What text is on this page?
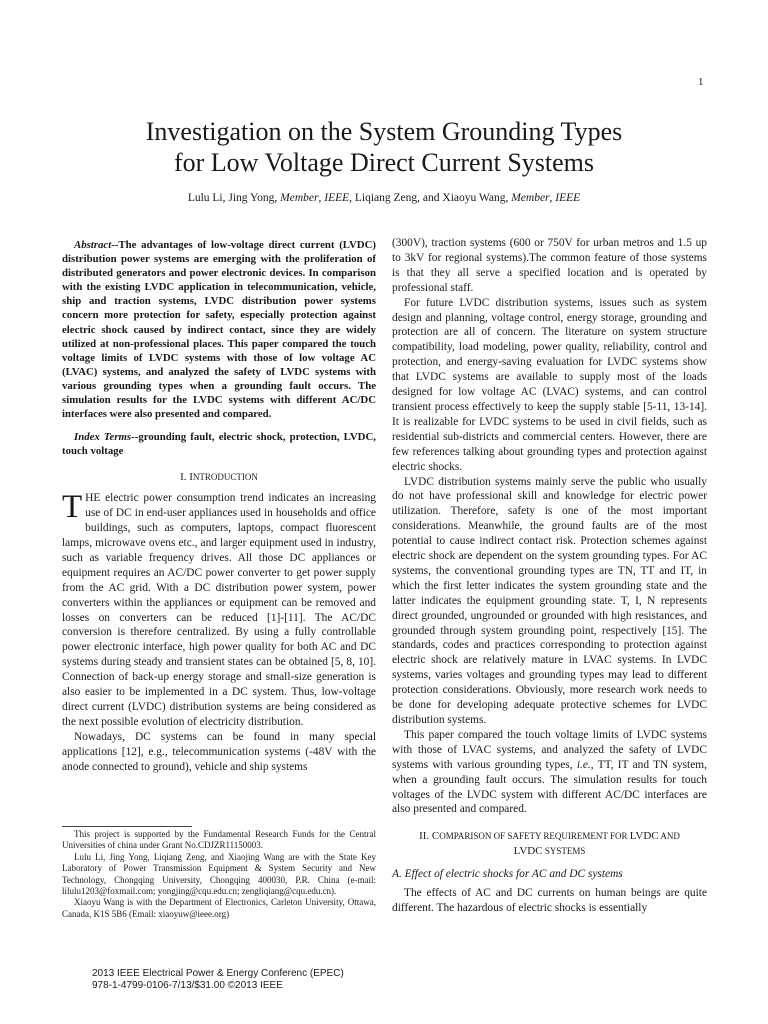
1
Investigation on the System Grounding Types
for Low Voltage Direct Current Systems
Lulu Li, Jing Yong, Member, IEEE, Liqiang Zeng, and Xiaoyu Wang, Member, IEEE

Abstract--The advantages of low-voltage direct current (LVDC) distribution power systems are emerging with the proliferation of distributed generators and power electronic devices. In comparison with the existing LVDC application in telecommunication, vehicle, ship and traction systems, LVDC distribution power systems concern more protection for safety, especially protection against electric shock caused by indirect contact, since they are widely utilized at non-professional places. This paper compared the touch voltage limits of LVDC systems with those of low voltage AC (LVAC) systems, and analyzed the safety of LVDC systems with various grounding types when a grounding fault occurs. The simulation results for the LVDC systems with different AC/DC interfaces were also presented and compared.

Index Terms--grounding fault, electric shock, protection, LVDC, touch voltage

I. INTRODUCTION

THE electric power consumption trend indicates an increasing use of DC in end-user appliances used in households and office buildings, such as computers, laptops, compact fluorescent lamps, microwave ovens etc., and larger equipment used in industry, such as variable frequency drives. All those DC appliances or equipment requires an AC/DC power converter to get power supply from the AC grid. With a DC distribution power system, power converters within the appliances or equipment can be removed and losses on converters can be reduced [1]-[11]. The AC/DC conversion is therefore centralized. By using a fully controllable power electronic interface, high power quality for both AC and DC systems during steady and transient states can be obtained [5, 8, 10]. Connection of back-up energy storage and small-size generation is also easier to be implemented in a DC system. Thus, low-voltage direct current (LVDC) distribution systems are being considered as the next possible evolution of electricity distribution.

Nowadays, DC systems can be found in many special applications [12], e.g., telecommunication systems (-48V with the anode connected to ground), vehicle and ship systems

This project is supported by the Fundamental Research Funds for the Central Universities of china under Grant No.CDJZR11150003.

Lulu Li, Jing Yong, Liqiang Zeng, and Xiaojing Wang are with the State Key Laboratory of Power Transmission Equipment & System Security and New Technology, Chongqing University, Chongqing 400030, P.R. China (e-mail: lilulu1203@foxmail.com; yongjing@cqu.edu.cn; zengliqiang@cqu.edu.cn).

Xiaoyu Wang is with the Department of Electronics, Carleton University, Ottawa, Canada, K1S 5B6 (Email: xiaoyuw@ieee.org)

(300V), traction systems (600 or 750V for urban metros and 1.5 up to 3kV for regional systems).The common feature of those systems is that they all serve a specified location and is operated by professional staff.

For future LVDC distribution systems, issues such as system design and planning, voltage control, energy storage, grounding and protection are all of concern. The literature on system structure compatibility, load modeling, power quality, reliability, control and protection, and energy-saving evaluation for LVDC systems show that LVDC systems are available to supply most of the loads designed for low voltage AC (LVAC) systems, and can control transient process effectively to keep the supply stable [5-11, 13-14]. It is realizable for LVDC systems to be used in civil fields, such as residential sub-districts and commercial centers. However, there are few references talking about grounding types and protection against electric shocks.

LVDC distribution systems mainly serve the public who usually do not have professional skill and knowledge for electric power utilization. Therefore, safety is one of the most important considerations. Meanwhile, the ground faults are of the most potential to cause indirect contact risk. Protection schemes against electric shock are dependent on the system grounding types. For AC systems, the conventional grounding types are TN, TT and IT, in which the first letter indicates the system grounding state and the latter indicates the equipment grounding state. T, I, N represents direct grounded, ungrounded or grounded with high resistances, and grounded through system grounding point, respectively [15]. The standards, codes and practices corresponding to protection against electric shock are relatively mature in LVAC systems. In LVDC systems, varies voltages and grounding types may lead to different protection considerations. Obviously, more research work needs to be done for developing adequate protective schemes for LVDC distribution systems.

This paper compared the touch voltage limits of LVDC systems with those of LVAC systems, and analyzed the safety of LVDC systems with various grounding types, i.e., TT, IT and TN system, when a grounding fault occurs. The simulation results for touch voltages of the LVDC system with different AC/DC interfaces are also presented and compared.

II. COMPARISON OF SAFETY REQUIREMENT FOR LVDC AND
LVDC SYSTEMS

A. Effect of electric shocks for AC and DC systems

The effects of AC and DC currents on human beings are quite different. The hazardous of electric shocks is essentially

2013 IEEE Electrical Power & Energy Conferenc (EPEC)
978-1-4799-0106-7/13/$31.00 ©2013 IEEE
